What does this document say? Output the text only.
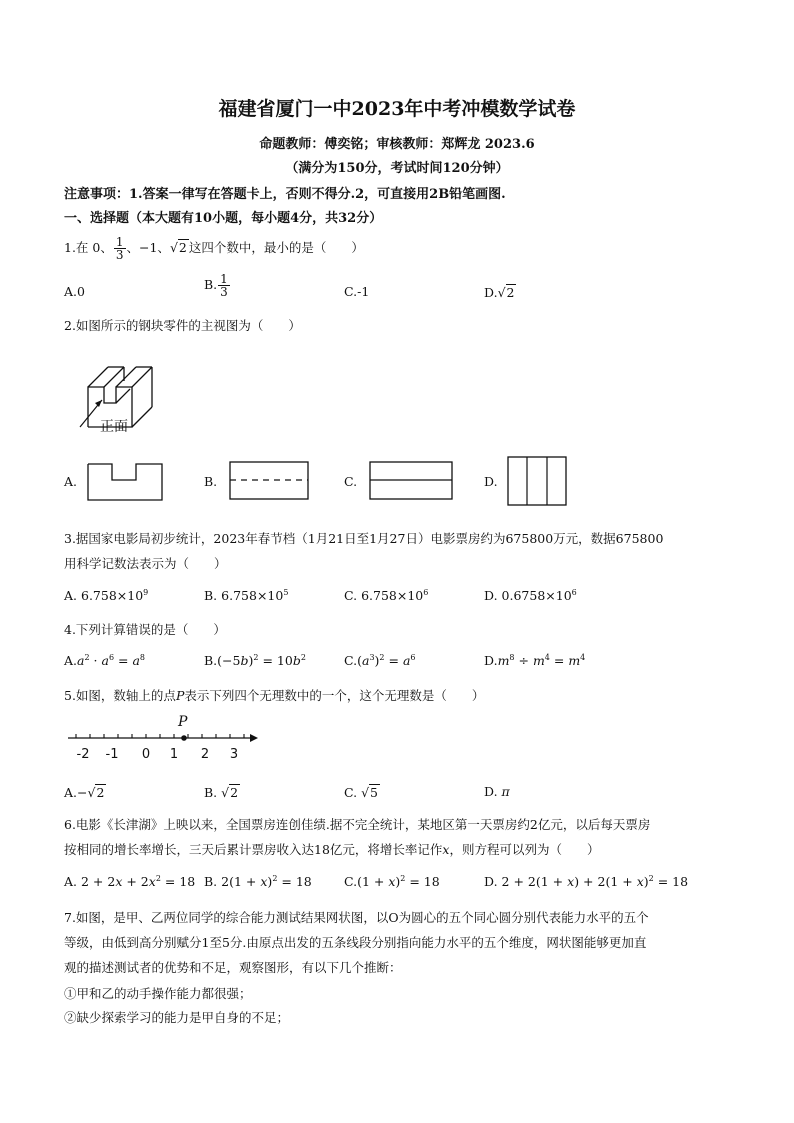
福建省厦门一中2023年中考冲模数学试卷
命题教师：傅奕铭；审核教师：郑辉龙 2023.6
（满分为150分，考试时间120分钟）
注意事项：1.答案一律写在答题卡上，否则不得分.2，可直接用2B铅笔画图.
一、选择题（本大题有10小题，每小题4分，共32分）
1.在 0、 $\frac{1}{3}$ 、−1、√2 这四个数中，最小的是（　　）
A.0	B. $\frac{1}{3}$	C.-1	D.√2
2.如图所示的钢块零件的主视图为（　　）
正面
A.	B.	C.	D.
3.据国家电影局初步统计，2023年春节档（1月21日至1月27日）电影票房约为675800万元，数据675800
用科学记数法表示为（　　）
A. $6.758\times 10^9$	B. $6.758\times 10^5$	C. $6.758\times 10^6$	D. $0.6758\times 10^6$
4.下列计算错误的是（　　）
$A.a^2 \cdot a^6 = a^8$	$B.(-5b)^2 = 10b^2$	$C.(a^3)^2 = a^6$	$D.m^8 \div m^4 = m^4$
5.如图，数轴上的点P表示下列四个无理数中的一个，这个无理数是（　　）
P
-2 -1 0 1 2 3
A.−√2	B. √2	C. √5	D. π
6.电影《长津湖》上映以来，全国票房连创佳绩.据不完全统计，某地区第一天票房约2亿元，以后每天票房
按相同的增长率增长，三天后累计票房收入达18亿元，将增长率记作x，则方程可以列为（　　）
A. $2 + 2x + 2x^2 = 18$ B. $2(1 + x)^2 = 18$	$C.(1 + x)^2 = 18$	D. $2 + 2(1 + x) + 2(1 + x)^2 = 18$
7.如图，是甲、乙两位同学的综合能力测试结果网状图，以O为圆心的五个同心圆分别代表能力水平的五个
等级，由低到高分别赋分1至5分.由原点出发的五条线段分别指向能力水平的五个维度，网状图能够更加直
观的描述测试者的优势和不足，观察图形，有以下几个推断：
①甲和乙的动手操作能力都很强；
②缺少探索学习的能力是甲自身的不足；
